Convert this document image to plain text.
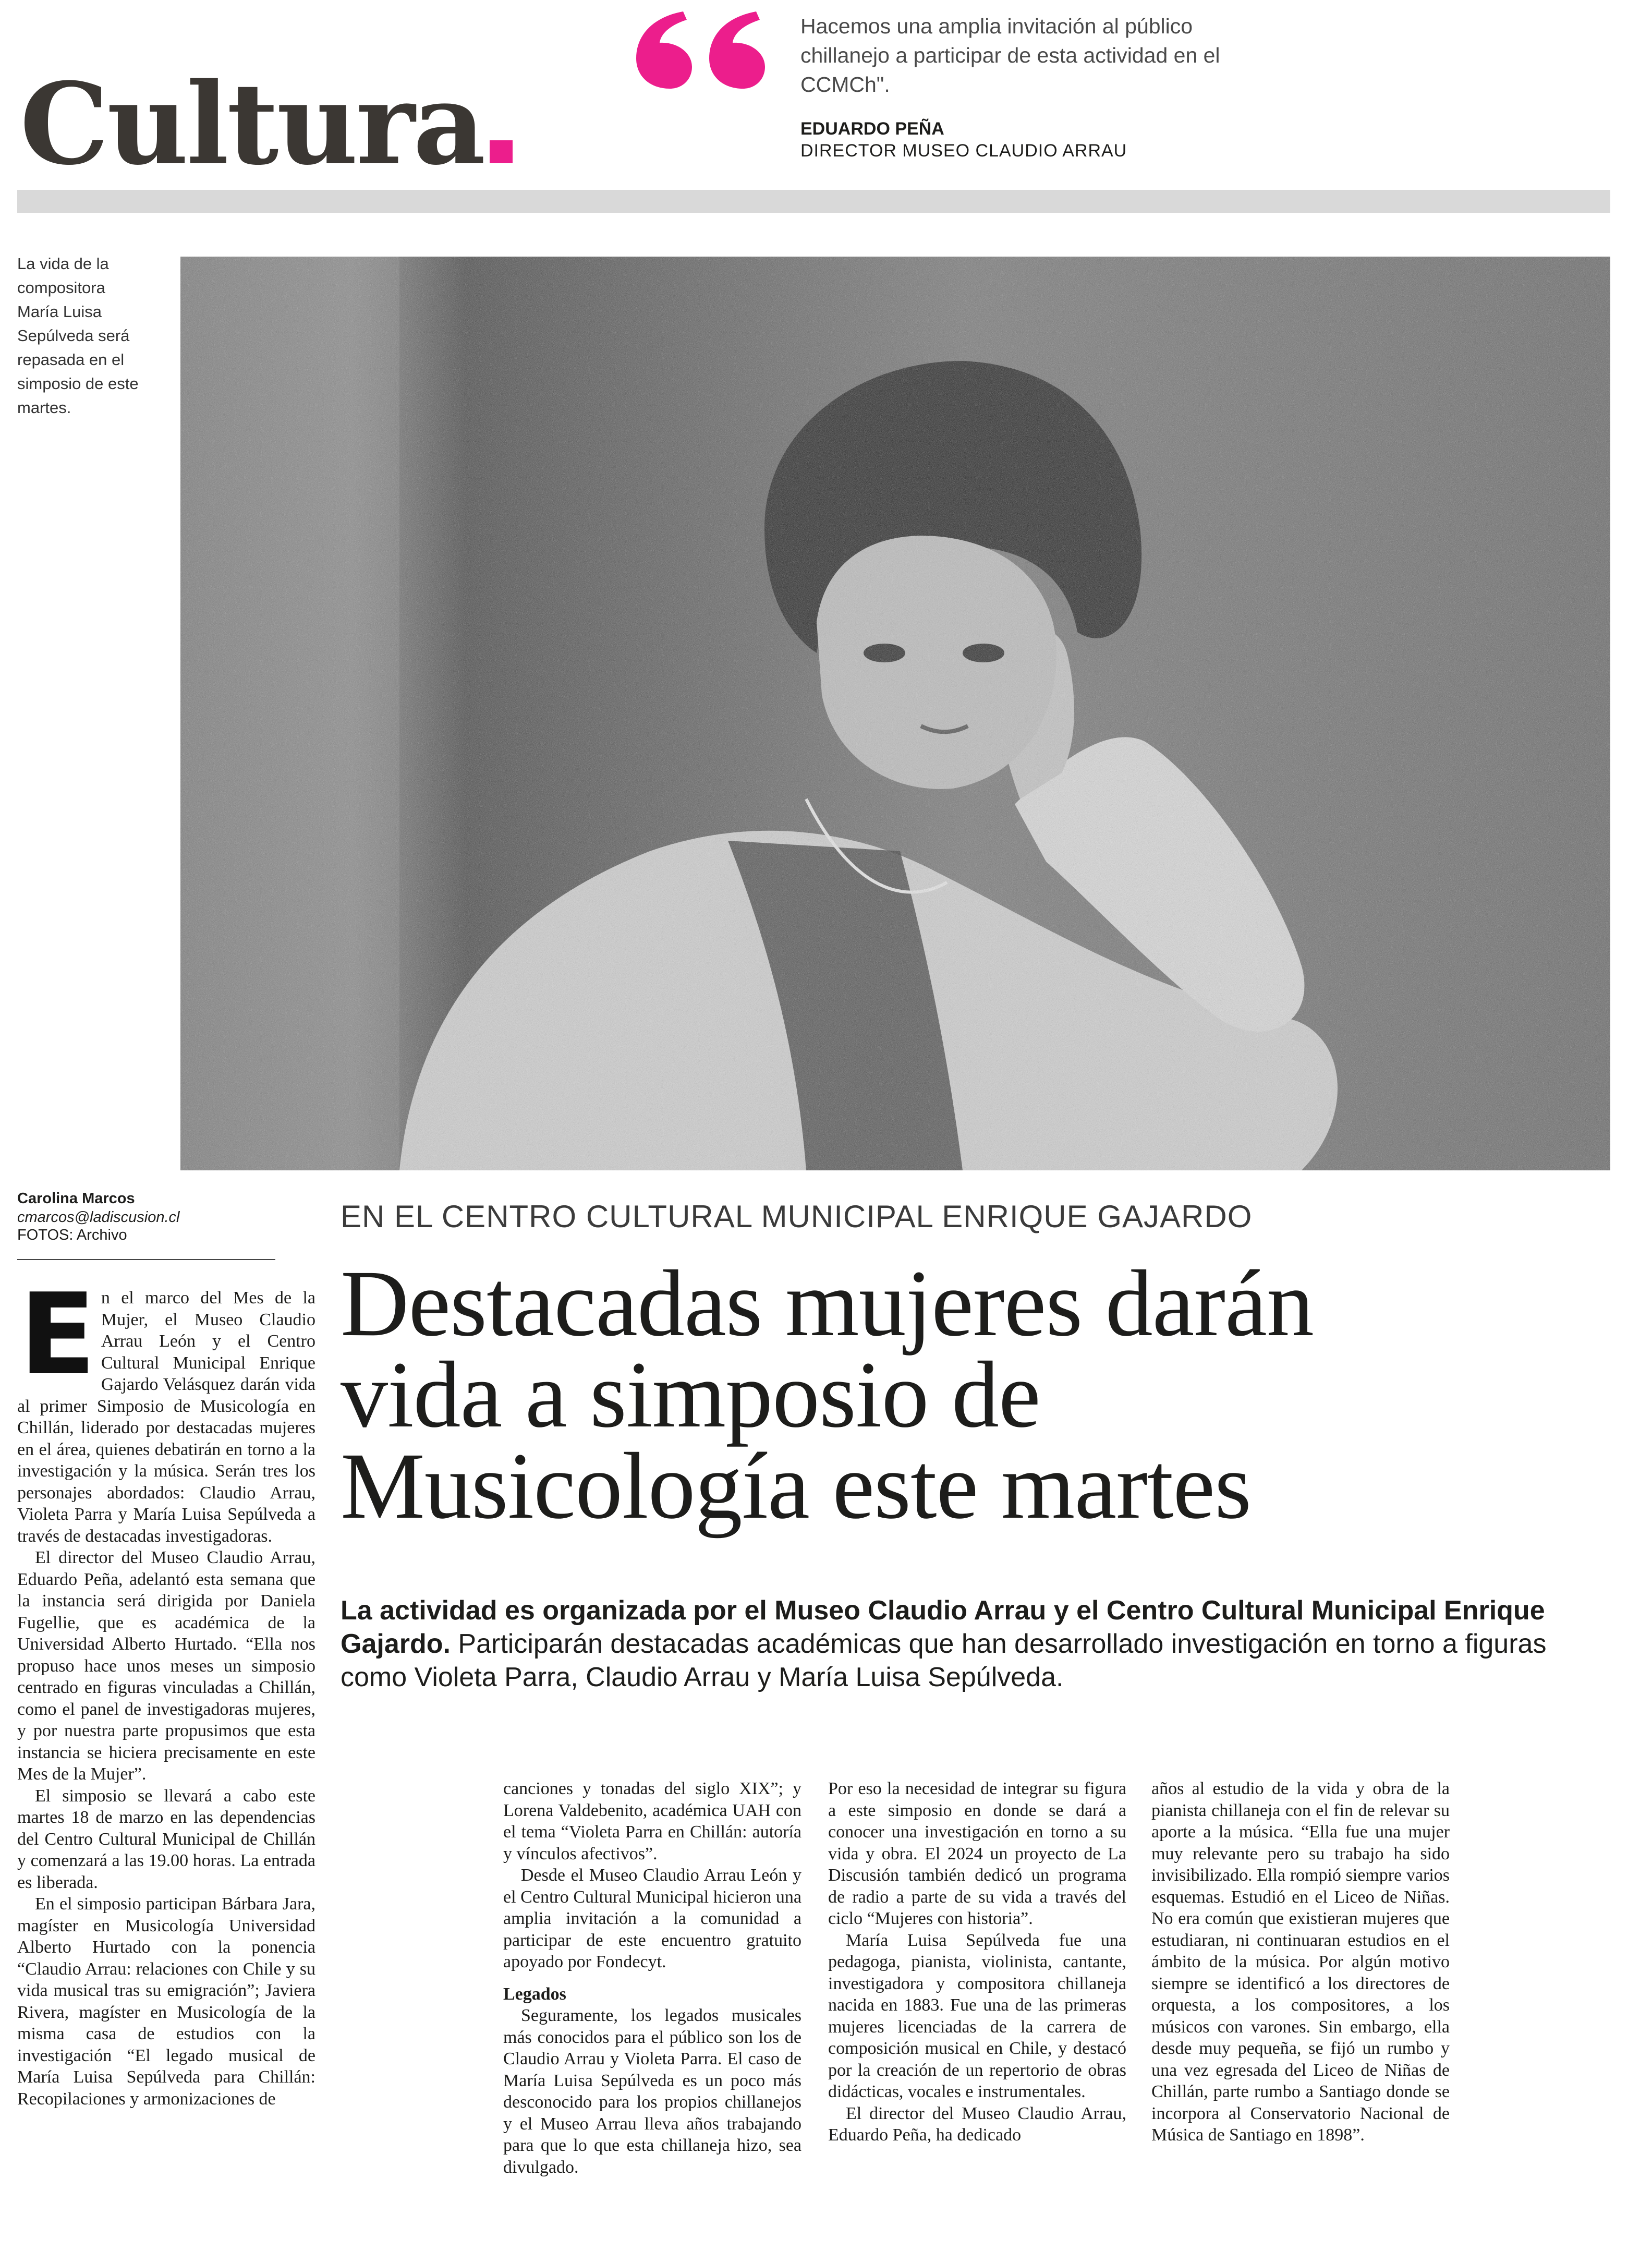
Cultura
Hacemos una amplia invitación al público chillanejo a participar de esta actividad en el CCMCh".
EDUARDO PEÑA
DIRECTOR MUSEO CLAUDIO ARRAU
La vida de la compositora María Luisa Sepúlveda será repasada en el simposio de este martes.
Carolina Marcos
cmarcos@ladiscusion.cl
FOTOS: Archivo
EN EL CENTRO CULTURAL MUNICIPAL ENRIQUE GAJARDO
Destacadas mujeres darán vida a simposio de Musicología este martes
La actividad es organizada por el Museo Claudio Arrau y el Centro Cultural Municipal Enrique Gajardo. Participarán destacadas académicas que han desarrollado investigación en torno a figuras como Violeta Parra, Claudio Arrau y María Luisa Sepúlveda.
E n el marco del Mes de la Mujer, el Museo Claudio Arrau León y el Centro Cultural Municipal Enrique Gajardo Velásquez darán vida al primer Simposio de Musicología en Chillán, liderado por destacadas mujeres en el área, quienes debatirán en torno a la investigación y la música. Serán tres los personajes abordados: Claudio Arrau, Violeta Parra y María Luisa Sepúlveda a través de destacadas investigadoras.

El director del Museo Claudio Arrau, Eduardo Peña, adelantó esta semana que la instancia será dirigida por Daniela Fugellie, que es académica de la Universidad Alberto Hurtado. “Ella nos propuso hace unos meses un simposio centrado en figuras vinculadas a Chillán, como el panel de investigadoras mujeres, y por nuestra parte propusimos que esta instancia se hiciera precisamente en este Mes de la Mujer”.

El simposio se llevará a cabo este martes 18 de marzo en las dependencias del Centro Cultural Municipal de Chillán y comenzará a las 19.00 horas. La entrada es liberada.

En el simposio participan Bárbara Jara, magíster en Musicología Universidad Alberto Hurtado con la ponencia “Claudio Arrau: relaciones con Chile y su vida musical tras su emigración”; Javiera Rivera, magíster en Musicología de la misma casa de estudios con la investigación “El legado musical de María Luisa Sepúlveda para Chillán: Recopilaciones y armonizaciones de

canciones y tonadas del siglo XIX”; y Lorena Valdebenito, académica UAH con el tema “Violeta Parra en Chillán: autoría y vínculos afectivos”.

Desde el Museo Claudio Arrau León y el Centro Cultural Municipal hicieron una amplia invitación a la comunidad a participar de este encuentro gratuito apoyado por Fondecyt.

Legados

Seguramente, los legados musicales más conocidos para el público son los de Claudio Arrau y Violeta Parra. El caso de María Luisa Sepúlveda es un poco más desconocido para los propios chillanejos y el Museo Arrau lleva años trabajando para que lo que esta chillaneja hizo, sea divulgado.

Por eso la necesidad de integrar su figura a este simposio en donde se dará a conocer una investigación en torno a su vida y obra. El 2024 un proyecto de La Discusión también dedicó un programa de radio a parte de su vida a través del ciclo “Mujeres con historia”.

María Luisa Sepúlveda fue una pedagoga, pianista, violinista, cantante, investigadora y compositora chillaneja nacida en 1883. Fue una de las primeras mujeres licenciadas de la carrera de composición musical en Chile, y destacó por la creación de un repertorio de obras didácticas, vocales e instrumentales.

El director del Museo Claudio Arrau, Eduardo Peña, ha dedicado

años al estudio de la vida y obra de la pianista chillaneja con el fin de relevar su aporte a la música. “Ella fue una mujer muy relevante pero su trabajo ha sido invisibilizado. Ella rompió siempre varios esquemas. Estudió en el Liceo de Niñas. No era común que existieran mujeres que estudiaran, ni continuaran estudios en el ámbito de la música. Por algún motivo siempre se identificó a los directores de orquesta, a los compositores, a los músicos con varones. Sin embargo, ella desde muy pequeña, se fijó un rumbo y una vez egresada del Liceo de Niñas de Chillán, parte rumbo a Santiago donde se incorpora al Conservatorio Nacional de Música de Santiago en 1898”.
